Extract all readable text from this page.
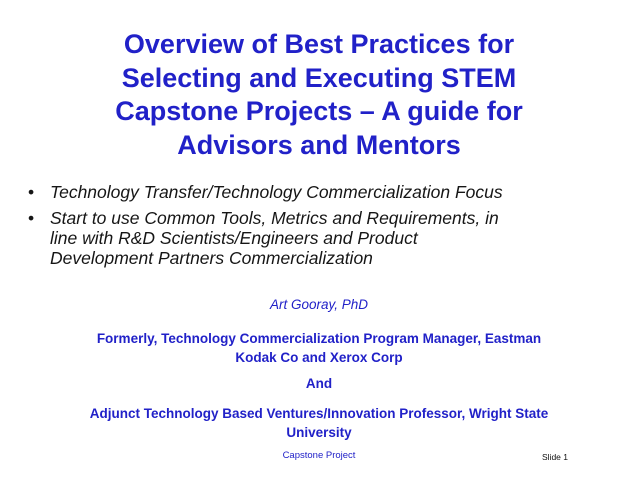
Overview of Best Practices for
Selecting and Executing STEM
Capstone Projects – A guide for
Advisors and Mentors
• Technology Transfer/Technology Commercialization Focus
• Start to use Common Tools, Metrics and Requirements, in
line with R&D Scientists/Engineers and Product
Development Partners Commercialization
Art Gooray, PhD
Formerly, Technology Commercialization Program Manager, Eastman
Kodak Co and Xerox Corp
And
Adjunct Technology Based Ventures/Innovation Professor, Wright State
University
Capstone Project	Slide 1
